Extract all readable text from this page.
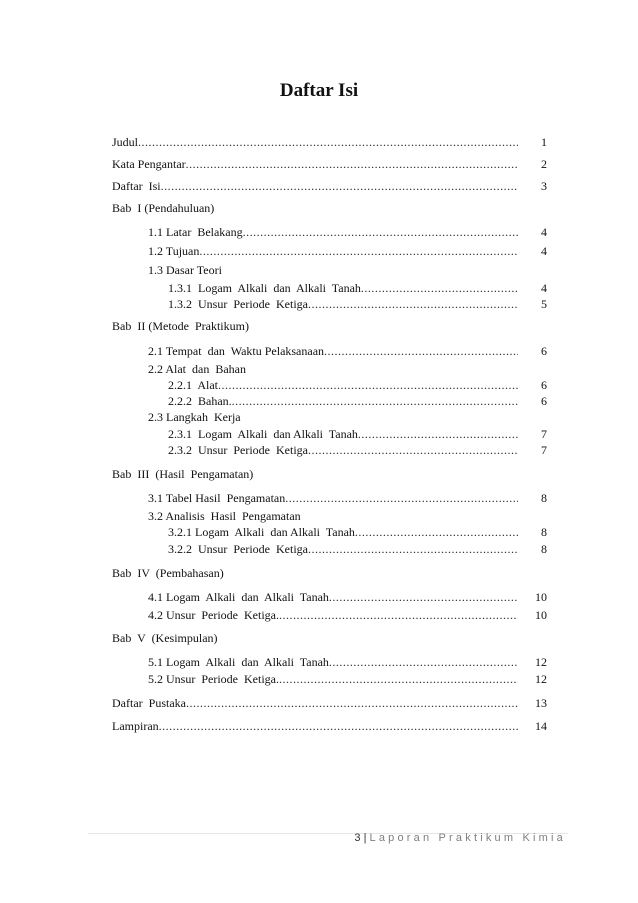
Daftar Isi
Judul .....	1
Kata Pengantar .....	2
Daftar  Isi .....	3
Bab  I (Pendahuluan)
1.1 Latar  Belakang .....	4
1.2 Tujuan .....	4
1.3 Dasar Teori
1.3.1  Logam  Alkali  dan  Alkali  Tanah .....	4
1.3.2  Unsur  Periode  Ketiga .....	5
Bab  II (Metode  Praktikum)
2.1 Tempat  dan  Waktu Pelaksanaan .....	6
2.2 Alat  dan  Bahan
2.2.1  Alat .....	6
2.2.2  Bahan. .....	6
2.3 Langkah  Kerja
2.3.1  Logam  Alkali  dan Alkali  Tanah .....	7
2.3.2  Unsur  Periode  Ketiga .....	7
Bab  III  (Hasil  Pengamatan)
3.1 Tabel Hasil  Pengamatan .....	8
3.2 Analisis  Hasil  Pengamatan
3.2.1 Logam  Alkali  dan Alkali  Tanah .....	8
3.2.2  Unsur  Periode  Ketiga .....	8
Bab  IV  (Pembahasan)
4.1 Logam  Alkali  dan  Alkali  Tanah .....	10
4.2 Unsur  Periode  Ketiga. .....	10
Bab  V  (Kesimpulan)
5.1 Logam  Alkali  dan  Alkali  Tanah .....	12
5.2 Unsur  Periode  Ketiga. .....	12
Daftar  Pustaka .....	13
Lampiran .....	14
3 | Laporan Praktikum Kimia
